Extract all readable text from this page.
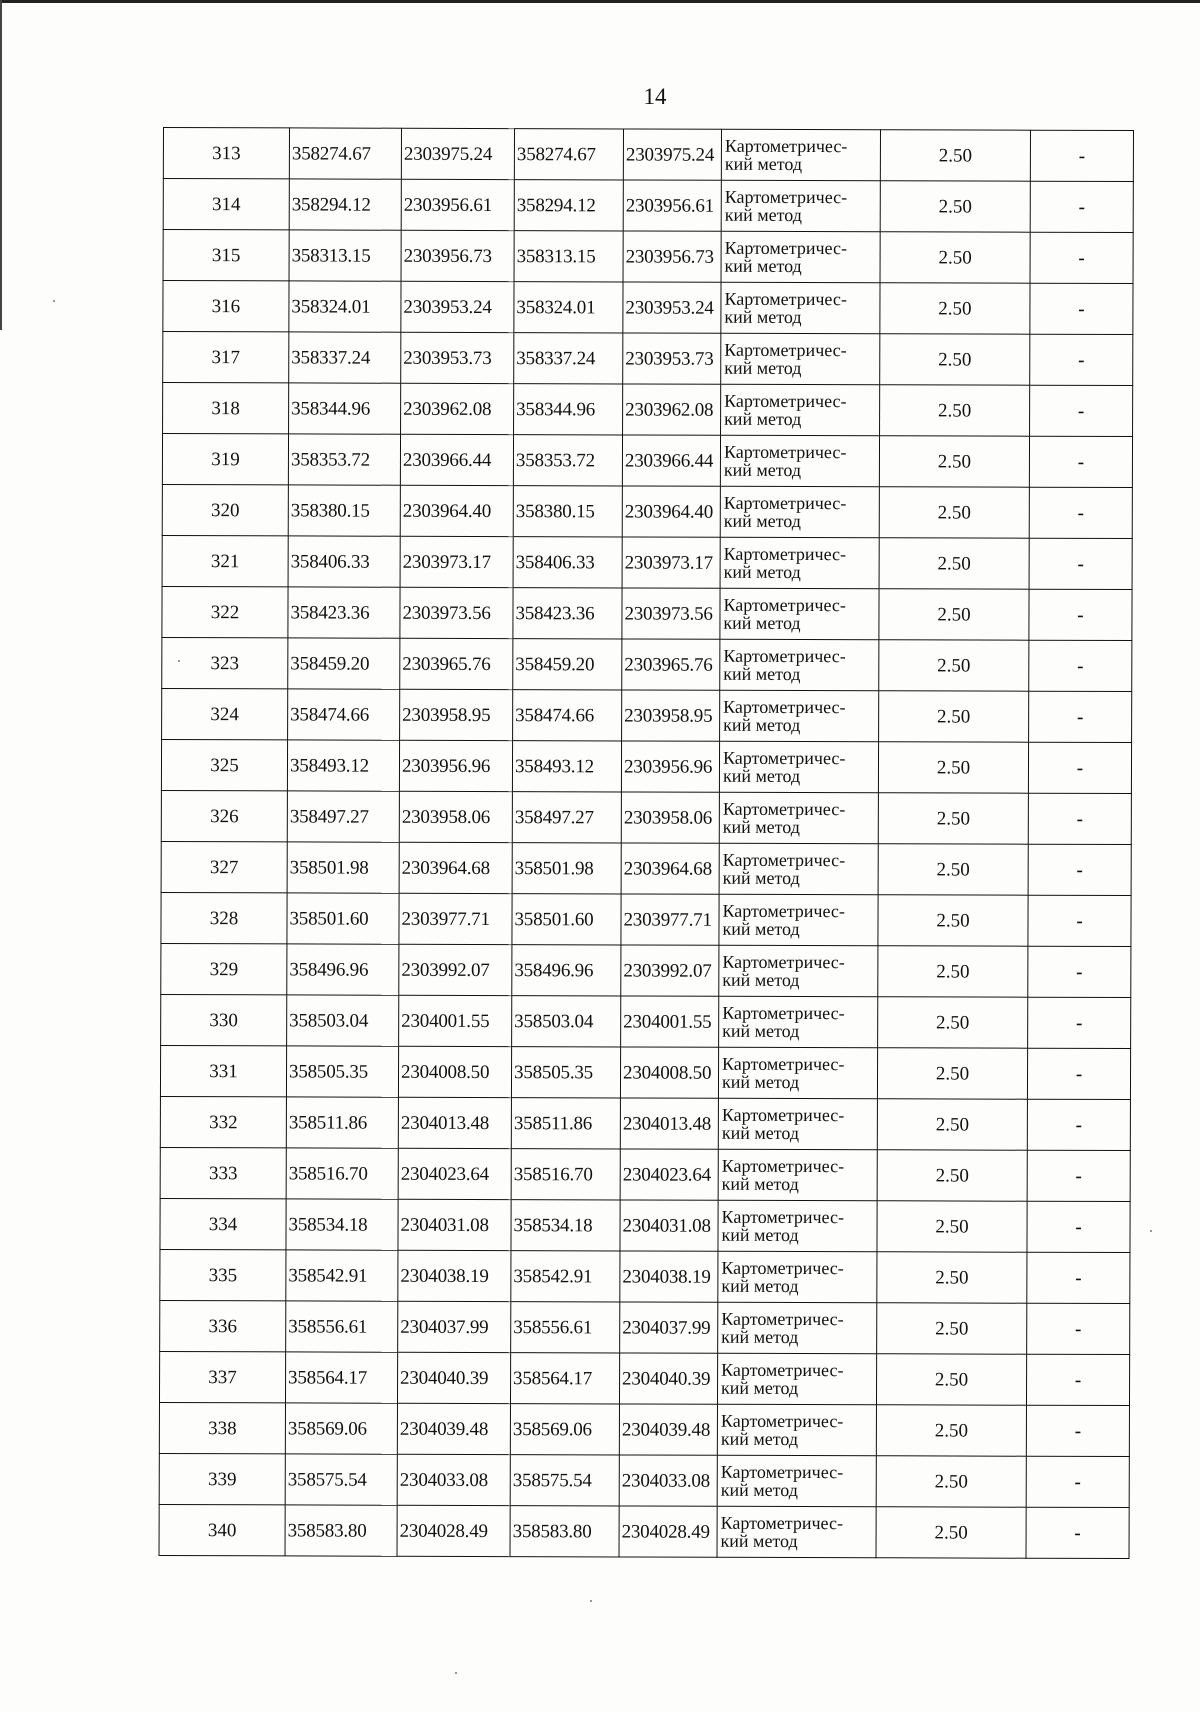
14
313	358274.67	2303975.24	358274.67	2303975.24	Картометричес-
кий метод	2.50	-
314	358294.12	2303956.61	358294.12	2303956.61	Картометричес-
кий метод	2.50	-
315	358313.15	2303956.73	358313.15	2303956.73	Картометричес-
кий метод	2.50	-
316	358324.01	2303953.24	358324.01	2303953.24	Картометричес-
кий метод	2.50	-
317	358337.24	2303953.73	358337.24	2303953.73	Картометричес-
кий метод	2.50	-
318	358344.96	2303962.08	358344.96	2303962.08	Картометричес-
кий метод	2.50	-
319	358353.72	2303966.44	358353.72	2303966.44	Картометричес-
кий метод	2.50	-
320	358380.15	2303964.40	358380.15	2303964.40	Картометричес-
кий метод	2.50	-
321	358406.33	2303973.17	358406.33	2303973.17	Картометричес-
кий метод	2.50	-
322	358423.36	2303973.56	358423.36	2303973.56	Картометричес-
кий метод	2.50	-
323	358459.20	2303965.76	358459.20	2303965.76	Картометричес-
кий метод	2.50	-
324	358474.66	2303958.95	358474.66	2303958.95	Картометричес-
кий метод	2.50	-
325	358493.12	2303956.96	358493.12	2303956.96	Картометричес-
кий метод	2.50	-
326	358497.27	2303958.06	358497.27	2303958.06	Картометричес-
кий метод	2.50	-
327	358501.98	2303964.68	358501.98	2303964.68	Картометричес-
кий метод	2.50	-
328	358501.60	2303977.71	358501.60	2303977.71	Картометричес-
кий метод	2.50	-
329	358496.96	2303992.07	358496.96	2303992.07	Картометричес-
кий метод	2.50	-
330	358503.04	2304001.55	358503.04	2304001.55	Картометричес-
кий метод	2.50	-
331	358505.35	2304008.50	358505.35	2304008.50	Картометричес-
кий метод	2.50	-
332	358511.86	2304013.48	358511.86	2304013.48	Картометричес-
кий метод	2.50	-
333	358516.70	2304023.64	358516.70	2304023.64	Картометричес-
кий метод	2.50	-
334	358534.18	2304031.08	358534.18	2304031.08	Картометричес-
кий метод	2.50	-
335	358542.91	2304038.19	358542.91	2304038.19	Картометричес-
кий метод	2.50	-
336	358556.61	2304037.99	358556.61	2304037.99	Картометричес-
кий метод	2.50	-
337	358564.17	2304040.39	358564.17	2304040.39	Картометричес-
кий метод	2.50	-
338	358569.06	2304039.48	358569.06	2304039.48	Картометричес-
кий метод	2.50	-
339	358575.54	2304033.08	358575.54	2304033.08	Картометричес-
кий метод	2.50	-
340	358583.80	2304028.49	358583.80	2304028.49	Картометричес-
кий метод	2.50	-
